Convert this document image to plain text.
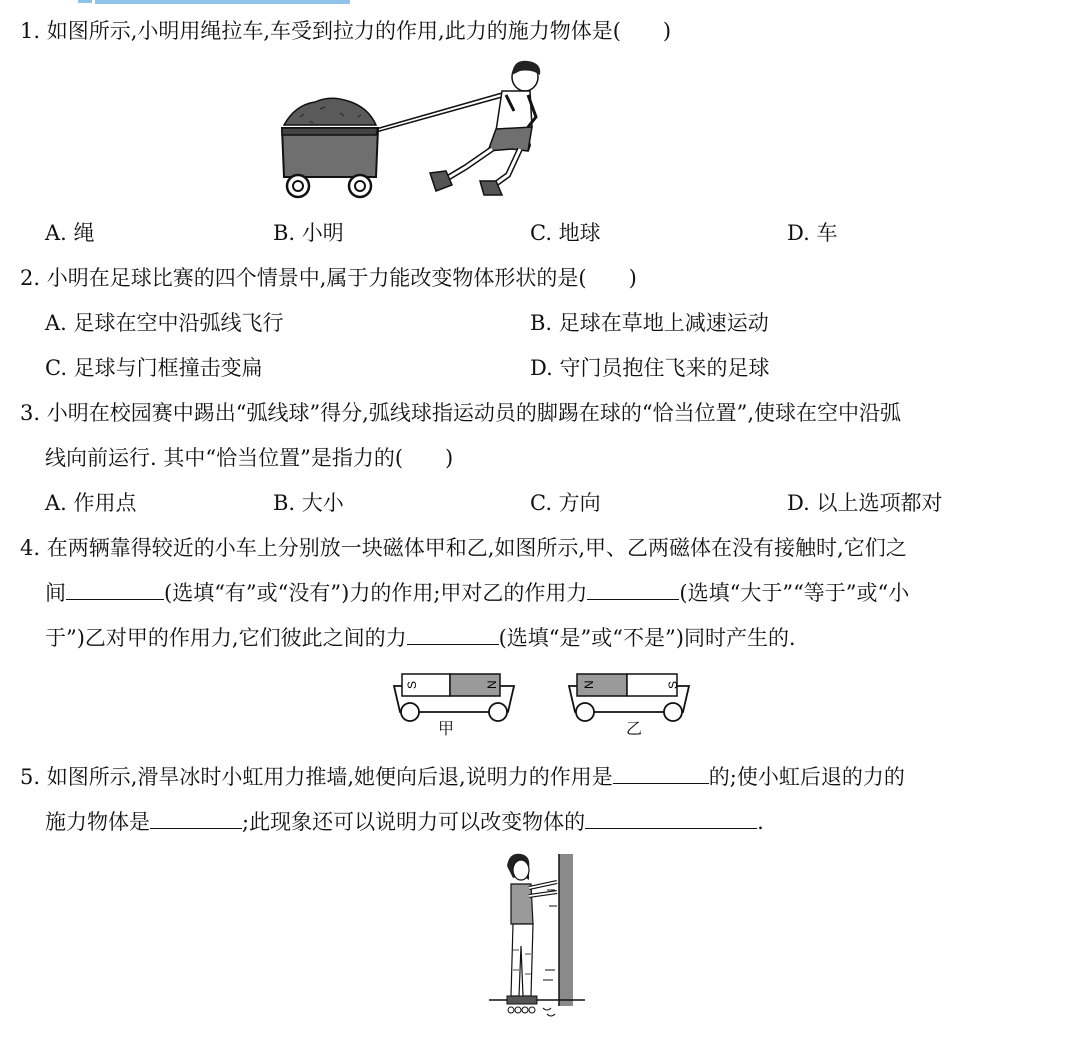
1. 如图所示,小明用绳拉车,车受到拉力的作用,此力的施力物体是(　　)
A. 绳	B. 小明	C. 地球	D. 车
2. 小明在足球比赛的四个情景中,属于力能改变物体形状的是(　　)
A. 足球在空中沿弧线飞行	B. 足球在草地上减速运动
C. 足球与门框撞击变扁	D. 守门员抱住飞来的足球
3. 小明在校园赛中踢出“弧线球”得分,弧线球指运动员的脚踢在球的“恰当位置”,使球在空中沿弧
线向前运行. 其中“恰当位置”是指力的(　　)
A. 作用点	B. 大小	C. 方向	D. 以上选项都对
4. 在两辆靠得较近的小车上分别放一块磁体甲和乙,如图所示,甲、乙两磁体在没有接触时,它们之
间	(选填“有”或“没有”)力的作用;甲对乙的作用力	(选填“大于”“等于”或“小
于”)乙对甲的作用力,它们彼此之间的力	(选填“是”或“不是”)同时产生的.
S	N	N	S
甲	乙
5. 如图所示,滑旱冰时小虹用力推墙,她便向后退,说明力的作用是	的;使小虹后退的力的
施力物体是	;此现象还可以说明力可以改变物体的	.
